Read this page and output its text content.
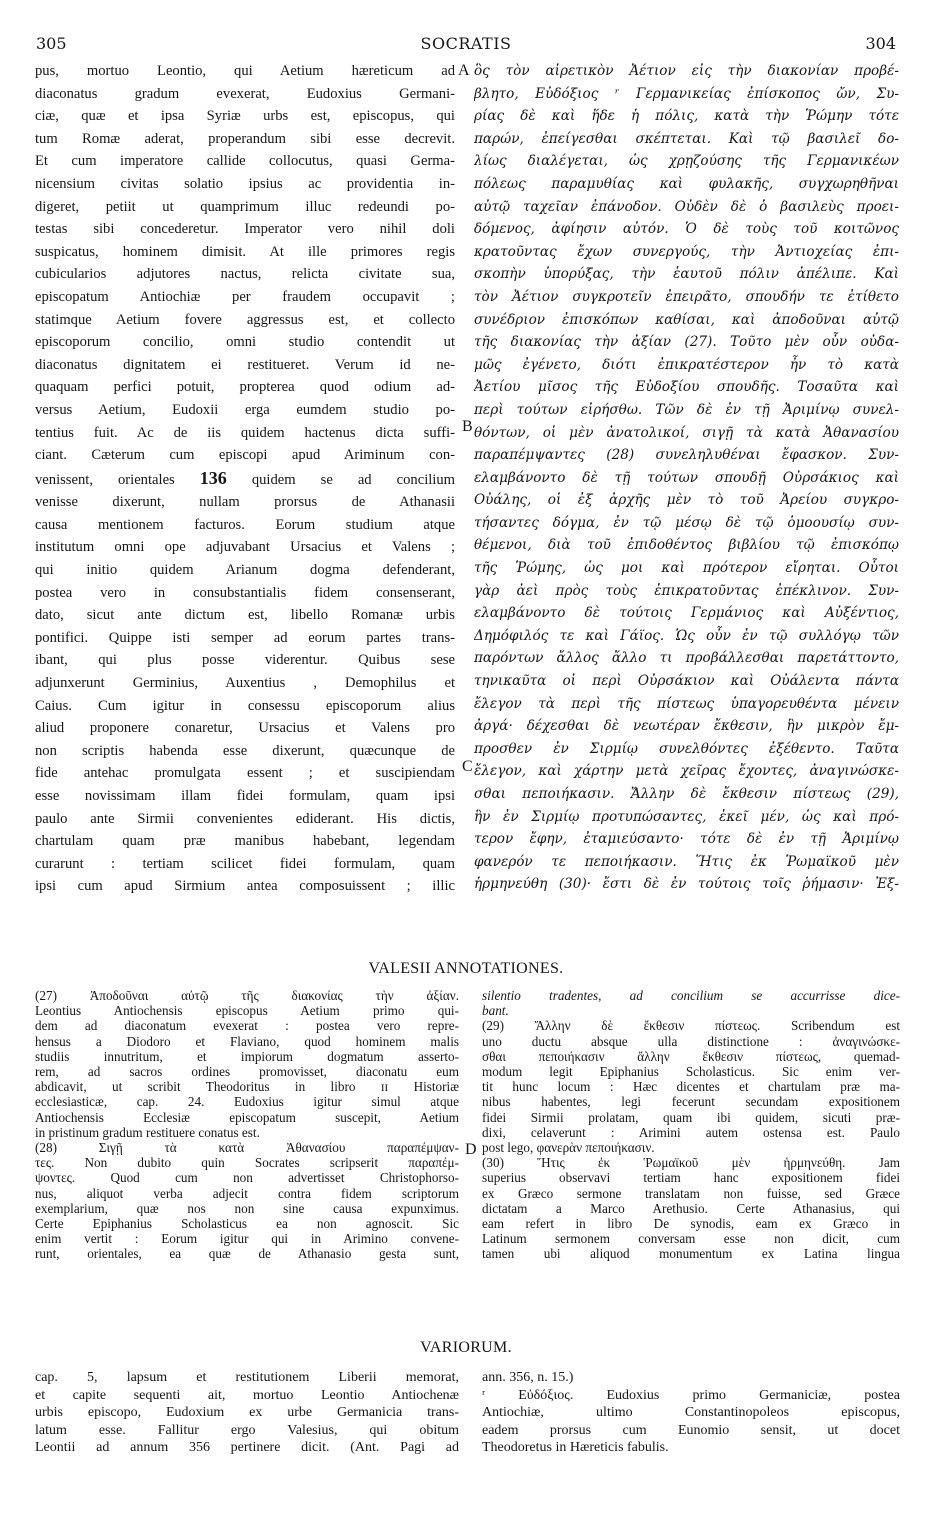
305	SOCRATIS	304

pus, mortuo Leontio, qui Aetium hæreticum ad

diaconatus gradum evexerat, Eudoxius Germani-

ciæ, quæ et ipsa Syriæ urbs est, episcopus, qui

tum Romæ aderat, properandum sibi esse decrevit.

Et cum imperatore callide collocutus, quasi Germa-

nicensium civitas solatio ipsius ac providentia in-

digeret, petiit ut quamprimum illuc redeundi po-

testas sibi concederetur. Imperator vero nihil doli

suspicatus, hominem dimisit. At ille primores regis

cubicularios adjutores nactus, relicta civitate sua,

episcopatum Antiochiæ per fraudem occupavit ;

statimque Aetium fovere aggressus est, et collecto

episcoporum concilio, omni studio contendit ut

diaconatus dignitatem ei restitueret. Verum id ne-

quaquam perfici potuit, propterea quod odium ad-

versus Aetium, Eudoxii erga eumdem studio po-

tentius fuit. Ac de iis quidem hactenus dicta suffi-

ciant. Cæterum cum episcopi apud Ariminum con-

venissent, orientales 136 quidem se ad concilium

venisse dixerunt, nullam prorsus de Athanasii

causa mentionem facturos. Eorum studium atque

institutum omni ope adjuvabant Ursacius et Valens ;

qui initio quidem Arianum dogma defenderant,

postea vero in consubstantialis fidem consenserant,

dato, sicut ante dictum est, libello Romanæ urbis

pontifici. Quippe isti semper ad eorum partes trans-

ibant, qui plus posse viderentur. Quibus sese

adjunxerunt Germinius, Auxentius , Demophilus et

Caius. Cum igitur in consessu episcoporum alius

aliud proponere conaretur, Ursacius et Valens pro

non scriptis habenda esse dixerunt, quæcunque de

fide antehac promulgata essent ; et suscipiendam

esse novissimam illam fidei formulam, quam ipsi

paulo ante Sirmii convenientes ediderant. His dictis,

chartulam quam præ manibus habebant, legendam

curarunt : tertiam scilicet fidei formulam, quam

ipsi cum apud Sirmium antea composuissent ; illic

ὃς τὸν αἱρετικὸν Ἀέτιον εἰς τὴν διακονίαν προβέ-

βλητο, Εὐδόξιος ʳ Γερμανικείας ἐπίσκοπος ὤν, Συ-

ρίας δὲ καὶ ἥδε ἡ πόλις, κατὰ τὴν Ῥώμην τότε

παρών, ἐπείγεσθαι σκέπτεται. Καὶ τῷ βασιλεῖ δο-

λίως διαλέγεται, ὡς χρῃζούσης τῆς Γερμανικέων

πόλεως παραμυθίας καὶ φυλακῆς, συγχωρηθῆναι

αὐτῷ ταχεῖαν ἐπάνοδον. Οὐδὲν δὲ ὁ βασιλεὺς προει-

δόμενος, ἀφίησιν αὐτόν. Ὁ δὲ τοὺς τοῦ κοιτῶνος

κρατοῦντας ἔχων συνεργούς, τὴν Ἀντιοχείας ἐπι-

σκοπὴν ὑπορύξας, τὴν ἑαυτοῦ πόλιν ἀπέλιπε. Καὶ

τὸν Ἀέτιον συγκροτεῖν ἐπειρᾶτο, σπουδήν τε ἐτίθετο

συνέδριον ἐπισκόπων καθίσαι, καὶ ἀποδοῦναι αὐτῷ

τῆς διακονίας τὴν ἀξίαν (27). Τοῦτο μὲν οὖν οὐδα-

μῶς ἐγένετο, διότι ἐπικρατέστερον ἦν τὸ κατὰ

Ἀετίου μῖσος τῆς Εὐδοξίου σπουδῆς. Τοσαῦτα καὶ

περὶ τούτων εἰρήσθω. Τῶν δὲ ἐν τῇ Ἀριμίνῳ συνελ-

θόντων, οἱ μὲν ἀνατολικοί, σιγῇ τὰ κατὰ Ἀθανασίου

παραπέμψαντες (28) συνεληλυθέναι ἔφασκον. Συν-

ελαμβάνοντο δὲ τῇ τούτων σπουδῇ Οὐρσάκιος καὶ

Οὐάλης, οἱ ἐξ ἀρχῆς μὲν τὸ τοῦ Ἀρείου συγκρο-

τήσαντες δόγμα, ἐν τῷ μέσῳ δὲ τῷ ὁμοουσίῳ συν-

θέμενοι, διὰ τοῦ ἐπιδοθέντος βιβλίου τῷ ἐπισκόπῳ

τῆς Ῥώμης, ὡς μοι καὶ πρότερον εἴρηται. Οὗτοι

γὰρ ἀεὶ πρὸς τοὺς ἐπικρατοῦντας ἐπέκλινον. Συν-

ελαμβάνοντο δὲ τούτοις Γερμάνιος καὶ Αὐξέντιος,

Δημόφιλός τε καὶ Γάϊος. Ὡς οὖν ἐν τῷ συλλόγῳ τῶν

παρόντων ἄλλος ἄλλο τι προβάλλεσθαι παρετάττοντο,

τηνικαῦτα οἱ περὶ Οὐρσάκιον καὶ Οὐάλεντα πάντα

ἔλεγον τὰ περὶ τῆς πίστεως ὑπαγορευθέντα μένειν

ἀργά· δέχεσθαι δὲ νεωτέραν ἔκθεσιν, ἣν μικρὸν ἔμ-

προσθεν ἐν Σιρμίῳ συνελθόντες ἐξέθεντο. Ταῦτα

ἔλεγον, καὶ χάρτην μετὰ χεῖρας ἔχοντες, ἀναγινώσκε-

σθαι πεποιήκασιν. Ἄλλην δὲ ἔκθεσιν πίστεως (29),

ἣν ἐν Σιρμίῳ προτυπώσαντες, ἐκεῖ μέν, ὡς καὶ πρό-

τερον ἔφην, ἐταμιεύσαντο· τότε δὲ ἐν τῇ Ἀριμίνῳ

φανερόν τε πεποιήκασιν. Ἥτις ἐκ Ῥωμαϊκοῦ μὲν

ἡρμηνεύθη (30)· ἔστι δὲ ἐν τούτοις τοῖς ῥήμασιν· Ἐξ-

A
B
C
D
VALESII ANNOTATIONES.

(27) Ἀποδοῦναι αὐτῷ τῆς διακονίας τὴν ἀξίαν.

Leontius Antiochensis episcopus Aetium primo qui-

dem ad diaconatum evexerat : postea vero repre-

hensus a Diodoro et Flaviano, quod hominem malis

studiis innutritum, et impiorum dogmatum asserto-

rem, ad sacros ordines promovisset, diaconatu eum

abdicavit, ut scribit Theodoritus in libro ɪɪ Historiæ

ecclesiasticæ, cap. 24. Eudoxius igitur simul atque

Antiochensis Ecclesiæ episcopatum suscepit, Aetium

in pristinum gradum restituere conatus est.

(28) Σιγῇ τὰ κατὰ Ἀθανασίου παραπέμψαν-

τες. Non dubito quin Socrates scripserit παραπέμ-

ψοντες. Quod cum non advertisset Christophorso-

nus, aliquot verba adjecit contra fidem scriptorum

exemplarium, quæ nos non sine causa expunximus.

Certe Epiphanius Scholasticus ea non agnoscit. Sic

enim vertit : Eorum igitur qui in Arimino convene-

runt, orientales, ea quæ de Athanasio gesta sunt,

silentio tradentes, ad concilium se accurrisse dice-

bant.

(29) Ἄλλην δὲ ἔκθεσιν πίστεως. Scribendum est

uno ductu absque ulla distinctione : ἀναγινώσκε-

σθαι πεποιήκασιν ἄλλην ἔκθεσιν πίστεως, quemad-

modum legit Epiphanius Scholasticus. Sic enim ver-

tit hunc locum : Hæc dicentes et chartulam præ ma-

nibus habentes, legi fecerunt secundam expositionem

fidei Sirmii prolatam, quam ibi quidem, sicuti præ-

dixi, celaverunt : Arimini autem ostensa est. Paulo

post lego, φανερὰν πεποιήκασιν.

(30) Ἥτις ἐκ Ῥωμαϊκοῦ μὲν ἡρμηνεύθη. Jam

superius observavi tertiam hanc expositionem fidei

ex Græco sermone translatam non fuisse, sed Græce

dictatam a Marco Arethusio. Certe Athanasius, qui

eam refert in libro De synodis, eam ex Græco in

Latinum sermonem conversam esse non dicit, cum

tamen ubi aliquod monumentum ex Latina lingua

VARIORUM.

cap. 5, lapsum et restitutionem Liberii memorat,

et capite sequenti ait, mortuo Leontio Antiochenæ

urbis episcopo, Eudoxium ex urbe Germanicia trans-

latum esse. Fallitur ergo Valesius, qui obitum

Leontii ad annum 356 pertinere dicit. (Ant. Pagi ad

ann. 356, n. 15.)

ʳ Εὐδόξιος. Eudoxius primo Germaniciæ, postea

Antiochiæ, ultimo Constantinopoleos episcopus,

eadem prorsus cum Eunomio sensit, ut docet

Theodoretus in Hæreticis fabulis.
